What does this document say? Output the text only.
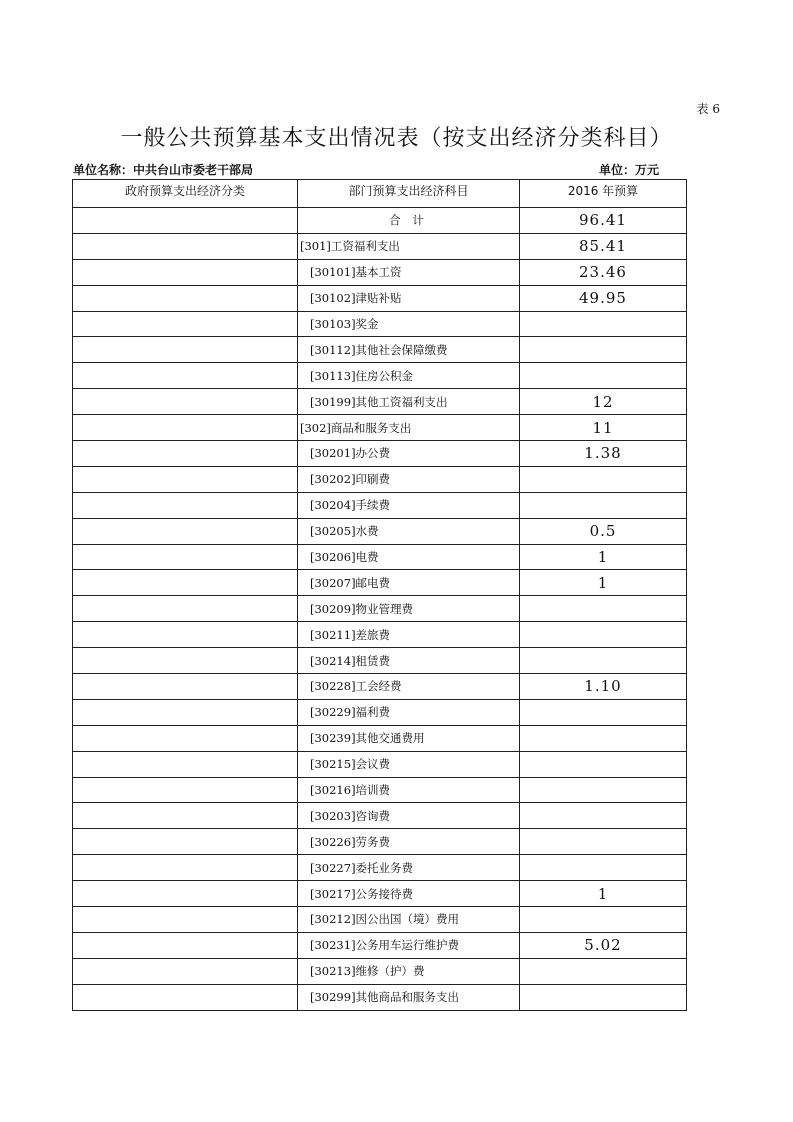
表 6
一般公共预算基本支出情况表（按支出经济分类科目）
单位名称：中共台山市委老干部局	单位：万元
政府预算支出经济分类	部门预算支出经济科目	2016 年预算
	合 计	96.41
	[301]工资福利支出	85.41
	[30101]基本工资	23.46
	[30102]津贴补贴	49.95
	[30103]奖金	
	[30112]其他社会保障缴费	
	[30113]住房公积金	
	[30199]其他工资福利支出	12
	[302]商品和服务支出	11
	[30201]办公费	1.38
	[30202]印刷费	
	[30204]手续费	
	[30205]水费	0.5
	[30206]电费	1
	[30207]邮电费	1
	[30209]物业管理费	
	[30211]差旅费	
	[30214]租赁费	
	[30228]工会经费	1.10
	[30229]福利费	
	[30239]其他交通费用	
	[30215]会议费	
	[30216]培训费	
	[30203]咨询费	
	[30226]劳务费	
	[30227]委托业务费	
	[30217]公务接待费	1
	[30212]因公出国（境）费用	
	[30231]公务用车运行维护费	5.02
	[30213]维修（护）费	
	[30299]其他商品和服务支出	
